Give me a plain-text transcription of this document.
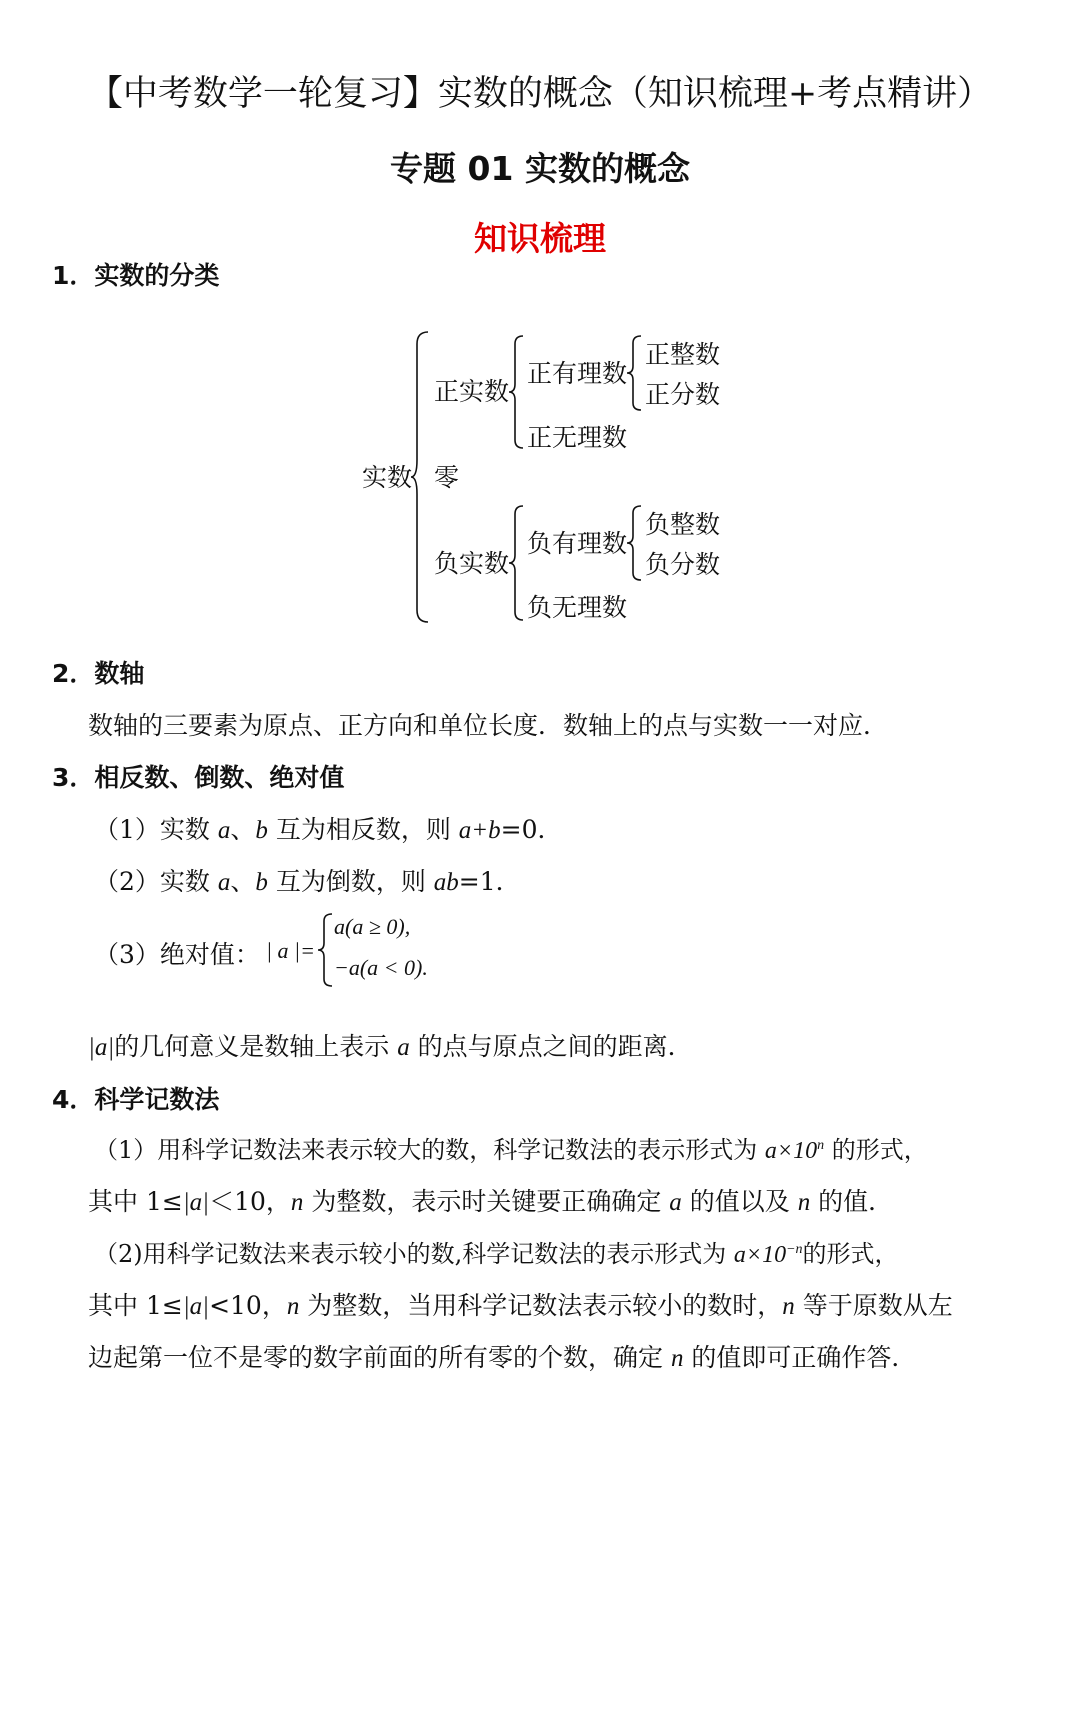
【中考数学一轮复习】实数的概念（知识梳理+考点精讲）
专题 01 实数的概念
知识梳理
1．实数的分类
实数
正实数
正有理数
正整数
正分数
正无理数
零
负实数
负有理数
负整数
负分数
负无理数
2．数轴
数轴的三要素为原点、正方向和单位长度．数轴上的点与实数一一对应．
3．相反数、倒数、绝对值
（1）实数 a、b 互为相反数，则 a+b=0．
（2）实数 a、b 互为倒数，则 ab=1．
（3）绝对值： | a |=
a(a ≥ 0),
−a(a < 0).
|a|的几何意义是数轴上表示 a 的点与原点之间的距离．
4．科学记数法
（1）用科学记数法来表示较大的数，科学记数法的表示形式为 $a\times 10^n$ 的形式，
其中 1≤|a|＜10，n 为整数，表示时关键要正确确定 a 的值以及 n 的值．
（2)用科学记数法来表示较小的数,科学记数法的表示形式为 $a\times 10^{-n}$的形式，
其中 1≤|a|<10，n 为整数，当用科学记数法表示较小的数时，n 等于原数从左
边起第一位不是零的数字前面的所有零的个数，确定 n 的值即可正确作答．
